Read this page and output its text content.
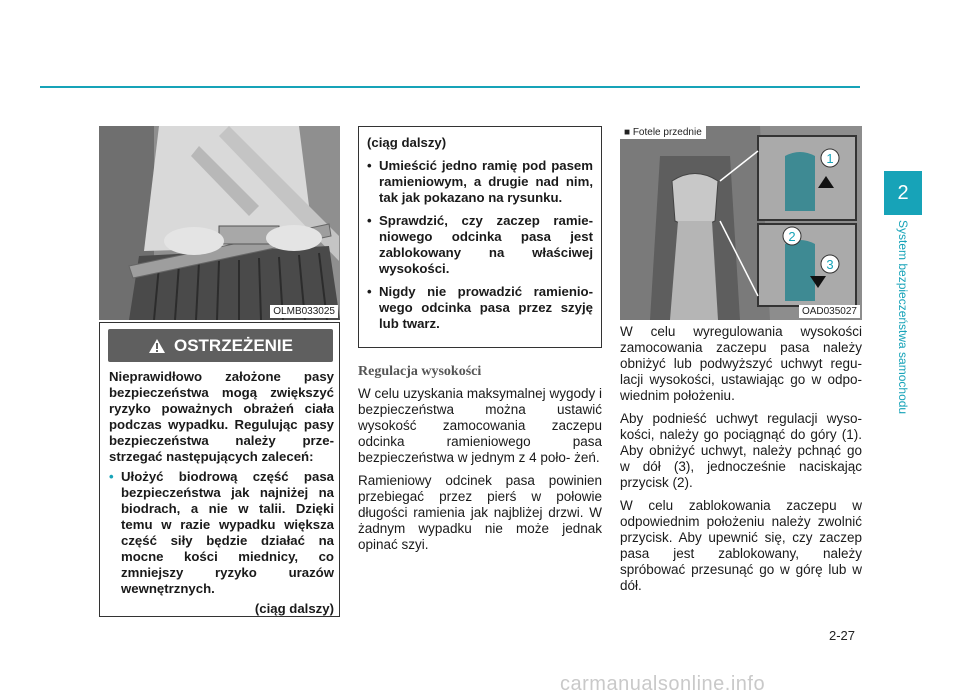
OLMB033025
OSTRZEŻENIE

Nieprawidłowo założone pasy bezpieczeństwa mogą zwiększyć ryzyko poważnych obrażeń ciała podczas wypadku. Regulując pasy bezpieczeństwa należy prze- strzegać następujących zaleceń:

• Ułożyć biodrową część pasa bezpieczeństwa jak najniżej na biodrach, a nie w talii. Dzięki temu w razie wypadku większa część siły będzie działać na mocne kości miednicy, co zmniejszy ryzyko urazów wewnętrznych.
(ciąg dalszy)
(ciąg dalszy)
• Umieścić jedno ramię pod pasem ramieniowym, a drugie nad nim, tak jak pokazano na rysunku.
• Sprawdzić, czy zaczep ramie- niowego odcinka pasa jest zablokowany na właściwej wysokości.
• Nigdy nie prowadzić ramienio- wego odcinka pasa przez szyję lub twarz.
Regulacja wysokości

W celu uzyskania maksymalnej wygody i bezpieczeństwa można ustawić wysokość zamocowania zaczepu odcinka ramieniowego pasa bezpieczeństwa w jednym z 4 poło- żeń.

Ramieniowy odcinek pasa powinien przebiegać przez pierś w połowie długości ramienia jak najbliżej drzwi. W żadnym wypadku nie może jednak opinać szyi.

1
2
3
■ Fotele przednie
OAD035027

W celu wyregulowania wysokości zamocowania zaczepu pasa należy obniżyć lub podwyższyć uchwyt regu- lacji wysokości, ustawiając go w odpo- wiednim położeniu.

Aby podnieść uchwyt regulacji wyso- kości, należy go pociągnąć do góry (1). Aby obniżyć uchwyt, należy pchnąć go w dół (3), jednocześnie naciskając przycisk (2).

W celu zablokowania zaczepu w odpowiednim położeniu należy zwolnić przycisk. Aby upewnić się, czy zaczep pasa jest zablokowany, należy spróbować przesunąć go w górę lub w dół.

2
System bezpieczeństwa samochodu
2-27
carmanualsonline.info
